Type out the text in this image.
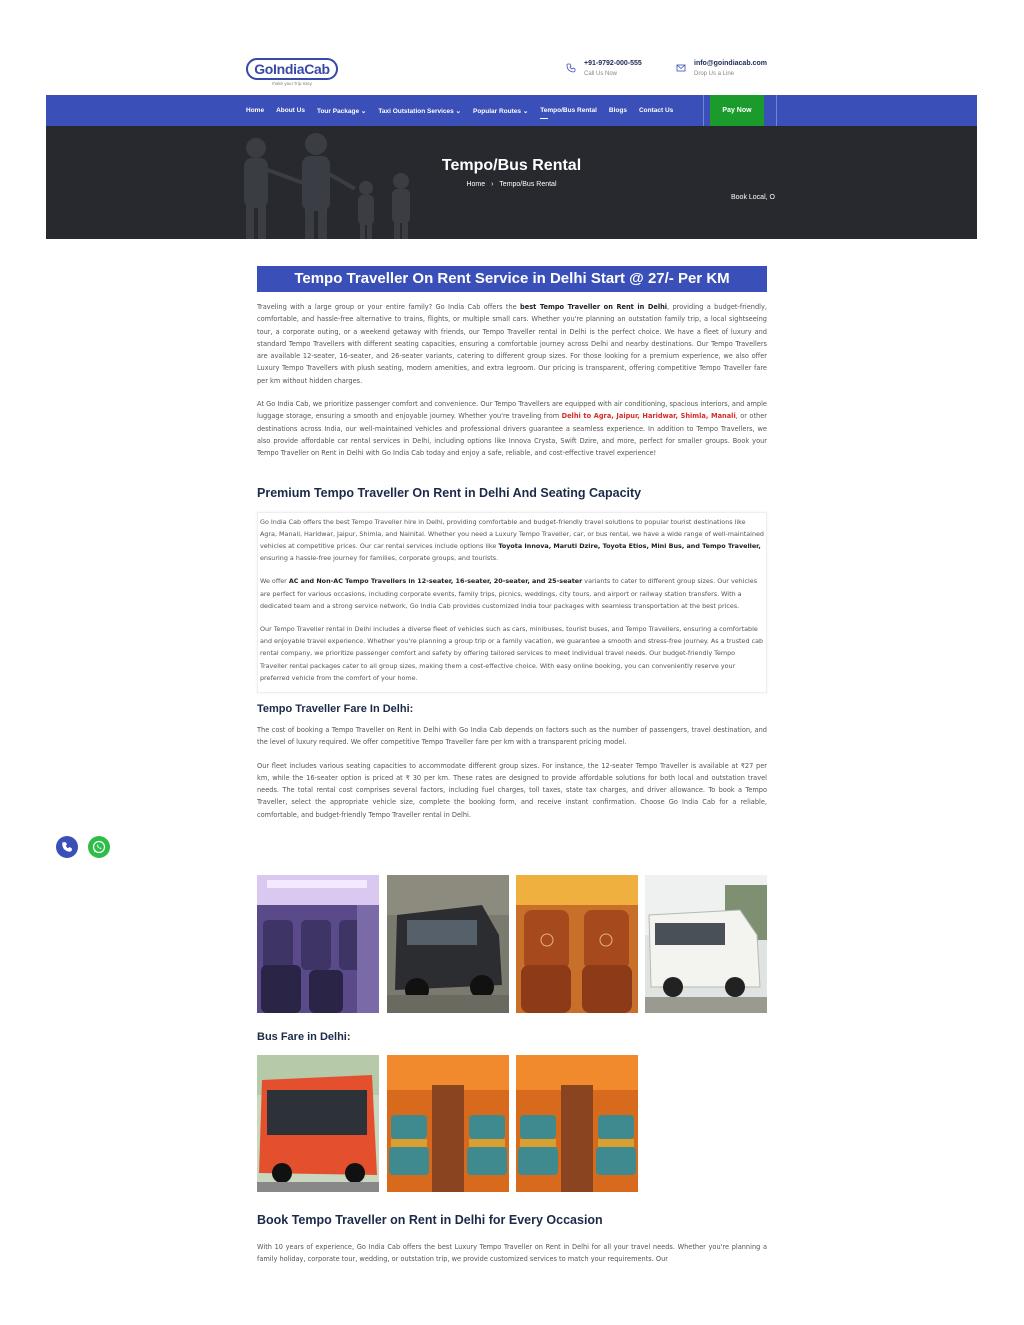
GoIndiaCab
make your trip easy
+91-9792-000-555
Call Us Now
info@goindiacab.com
Drop Us a Line
Home About Us Tour Package ⌄ Taxi Outstation Services ⌄ Popular Routes ⌄ Tempo/Bus Rental Blogs Contact Us	Pay Now
Tempo/Bus Rental
Home › Tempo/Bus Rental
Book Local, O
Tempo Traveller On Rent Service in Delhi Start @ 27/- Per KM

Traveling with a large group or your entire family? Go India Cab offers the best Tempo Traveller on Rent in Delhi, providing a budget-friendly, comfortable, and hassle-free alternative to trains, flights, or multiple small cars. Whether you're planning an outstation family trip, a local sightseeing tour, a corporate outing, or a weekend getaway with friends, our Tempo Traveller rental in Delhi is the perfect choice. We have a fleet of luxury and standard Tempo Travellers with different seating capacities, ensuring a comfortable journey across Delhi and nearby destinations. Our Tempo Travellers are available 12-seater, 16-seater, and 26-seater variants, catering to different group sizes. For those looking for a premium experience, we also offer Luxury Tempo Travellers with plush seating, modern amenities, and extra legroom. Our pricing is transparent, offering competitive Tempo Traveller fare per km without hidden charges.

At Go India Cab, we prioritize passenger comfort and convenience. Our Tempo Travellers are equipped with air conditioning, spacious interiors, and ample luggage storage, ensuring a smooth and enjoyable journey. Whether you're traveling from Delhi to Agra, Jaipur, Haridwar, Shimla, Manali, or other destinations across India, our well-maintained vehicles and professional drivers guarantee a seamless experience. In addition to Tempo Travellers, we also provide affordable car rental services in Delhi, including options like Innova Crysta, Swift Dzire, and more, perfect for smaller groups. Book your Tempo Traveller on Rent in Delhi with Go India Cab today and enjoy a safe, reliable, and cost-effective travel experience!

Premium Tempo Traveller On Rent in Delhi And Seating Capacity

Go India Cab offers the best Tempo Traveller hire in Delhi, providing comfortable and budget-friendly travel solutions to popular tourist destinations like Agra, Manali, Haridwar, Jaipur, Shimla, and Nainital. Whether you need a Luxury Tempo Traveller, car, or bus rental, we have a wide range of well-maintained vehicles at competitive prices. Our car rental services include options like Toyota Innova, Maruti Dzire, Toyota Etios, Mini Bus, and Tempo Traveller, ensuring a hassle-free journey for families, corporate groups, and tourists.

We offer AC and Non-AC Tempo Travellers in 12-seater, 16-seater, 20-seater, and 25-seater variants to cater to different group sizes. Our vehicles are perfect for various occasions, including corporate events, family trips, picnics, weddings, city tours, and airport or railway station transfers. With a dedicated team and a strong service network, Go India Cab provides customized India tour packages with seamless transportation at the best prices.

Our Tempo Traveller rental in Delhi includes a diverse fleet of vehicles such as cars, minibuses, tourist buses, and Tempo Travellers, ensuring a comfortable and enjoyable travel experience. Whether you're planning a group trip or a family vacation, we guarantee a smooth and stress-free journey. As a trusted cab rental company, we prioritize passenger comfort and safety by offering tailored services to meet individual travel needs. Our budget-friendly Tempo Traveller rental packages cater to all group sizes, making them a cost-effective choice. With easy online booking, you can conveniently reserve your preferred vehicle from the comfort of your home.

Tempo Traveller Fare In Delhi:

The cost of booking a Tempo Traveller on Rent in Delhi with Go India Cab depends on factors such as the number of passengers, travel destination, and the level of luxury required. We offer competitive Tempo Traveller fare per km with a transparent pricing model.

Our fleet includes various seating capacities to accommodate different group sizes. For instance, the 12-seater Tempo Traveller is available at ₹27 per km, while the 16-seater option is priced at ₹ 30 per km. These rates are designed to provide affordable solutions for both local and outstation travel needs. The total rental cost comprises several factors, including fuel charges, toll taxes, state tax charges, and driver allowance. To book a Tempo Traveller, select the appropriate vehicle size, complete the booking form, and receive instant confirmation. Choose Go India Cab for a reliable, comfortable, and budget-friendly Tempo Traveller rental in Delhi.

Bus Fare in Delhi:
Book Tempo Traveller on Rent in Delhi for Every Occasion

With 10 years of experience, Go India Cab offers the best Luxury Tempo Traveller on Rent in Delhi for all your travel needs. Whether you're planning a family holiday, corporate tour, wedding, or outstation trip, we provide customized services to match your requirements. Our
